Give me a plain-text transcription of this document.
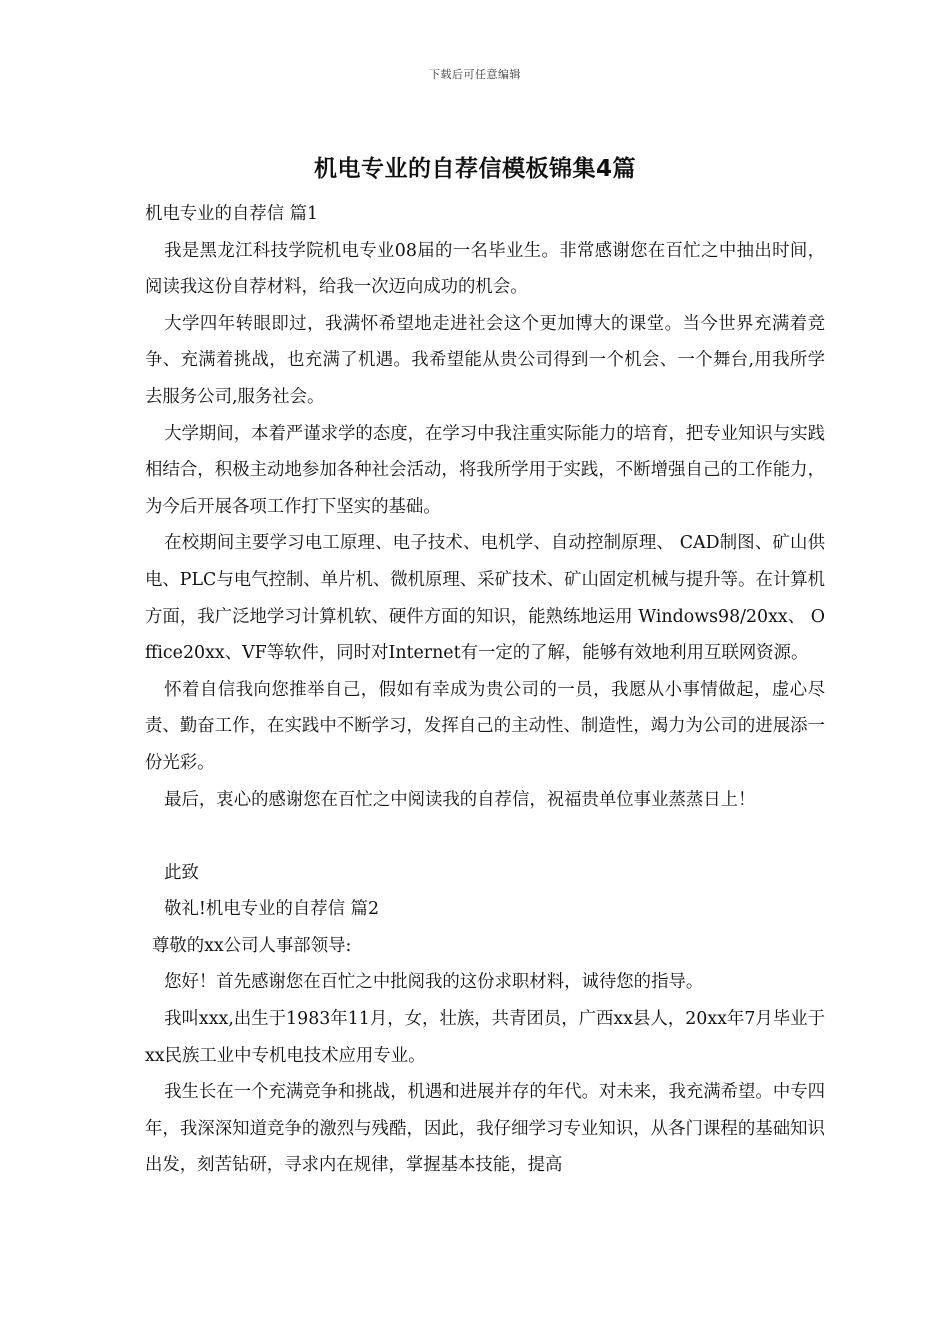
下载后可任意编辑
机电专业的自荐信模板锦集4篇

机电专业的自荐信 篇1

我是黑龙江科技学院机电专业08届的一名毕业生。非常感谢您在百忙之中抽出时间，阅读我这份自荐材料，给我一次迈向成功的机会。

大学四年转眼即过，我满怀希望地走进社会这个更加博大的课堂。当今世界充满着竞争、充满着挑战，也充满了机遇。我希望能从贵公司得到一个机会、一个舞台,用我所学去服务公司,服务社会。

大学期间，本着严谨求学的态度，在学习中我注重实际能力的培育，把专业知识与实践相结合，积极主动地参加各种社会活动，将我所学用于实践，不断增强自己的工作能力，为今后开展各项工作打下坚实的基础。

在校期间主要学习电工原理、电子技术、电机学、自动控制原理、 CAD制图、矿山供电、PLC与电气控制、单片机、微机原理、采矿技术、矿山固定机械与提升等。在计算机方面，我广泛地学习计算机软、硬件方面的知识，能熟练地运用 Windows98/20xx、 Office20xx、VF等软件，同时对Internet有一定的了解，能够有效地利用互联网资源。

怀着自信我向您推举自己，假如有幸成为贵公司的一员，我愿从小事情做起，虚心尽责、勤奋工作，在实践中不断学习，发挥自己的主动性、制造性，竭力为公司的进展添一份光彩。

最后，衷心的感谢您在百忙之中阅读我的自荐信，祝福贵单位事业蒸蒸日上！

此致

敬礼!机电专业的自荐信 篇2

尊敬的xx公司人事部领导:

您好！首先感谢您在百忙之中批阅我的这份求职材料，诚待您的指导。

我叫xxx,出生于1983年11月，女，壮族，共青团员，广西xx县人，20xx年7月毕业于xx民族工业中专机电技术应用专业。

我生长在一个充满竞争和挑战，机遇和进展并存的年代。对未来，我充满希望。中专四年，我深深知道竞争的激烈与残酷，因此，我仔细学习专业知识，从各门课程的基础知识出发，刻苦钻研，寻求内在规律，掌握基本技能，提高
